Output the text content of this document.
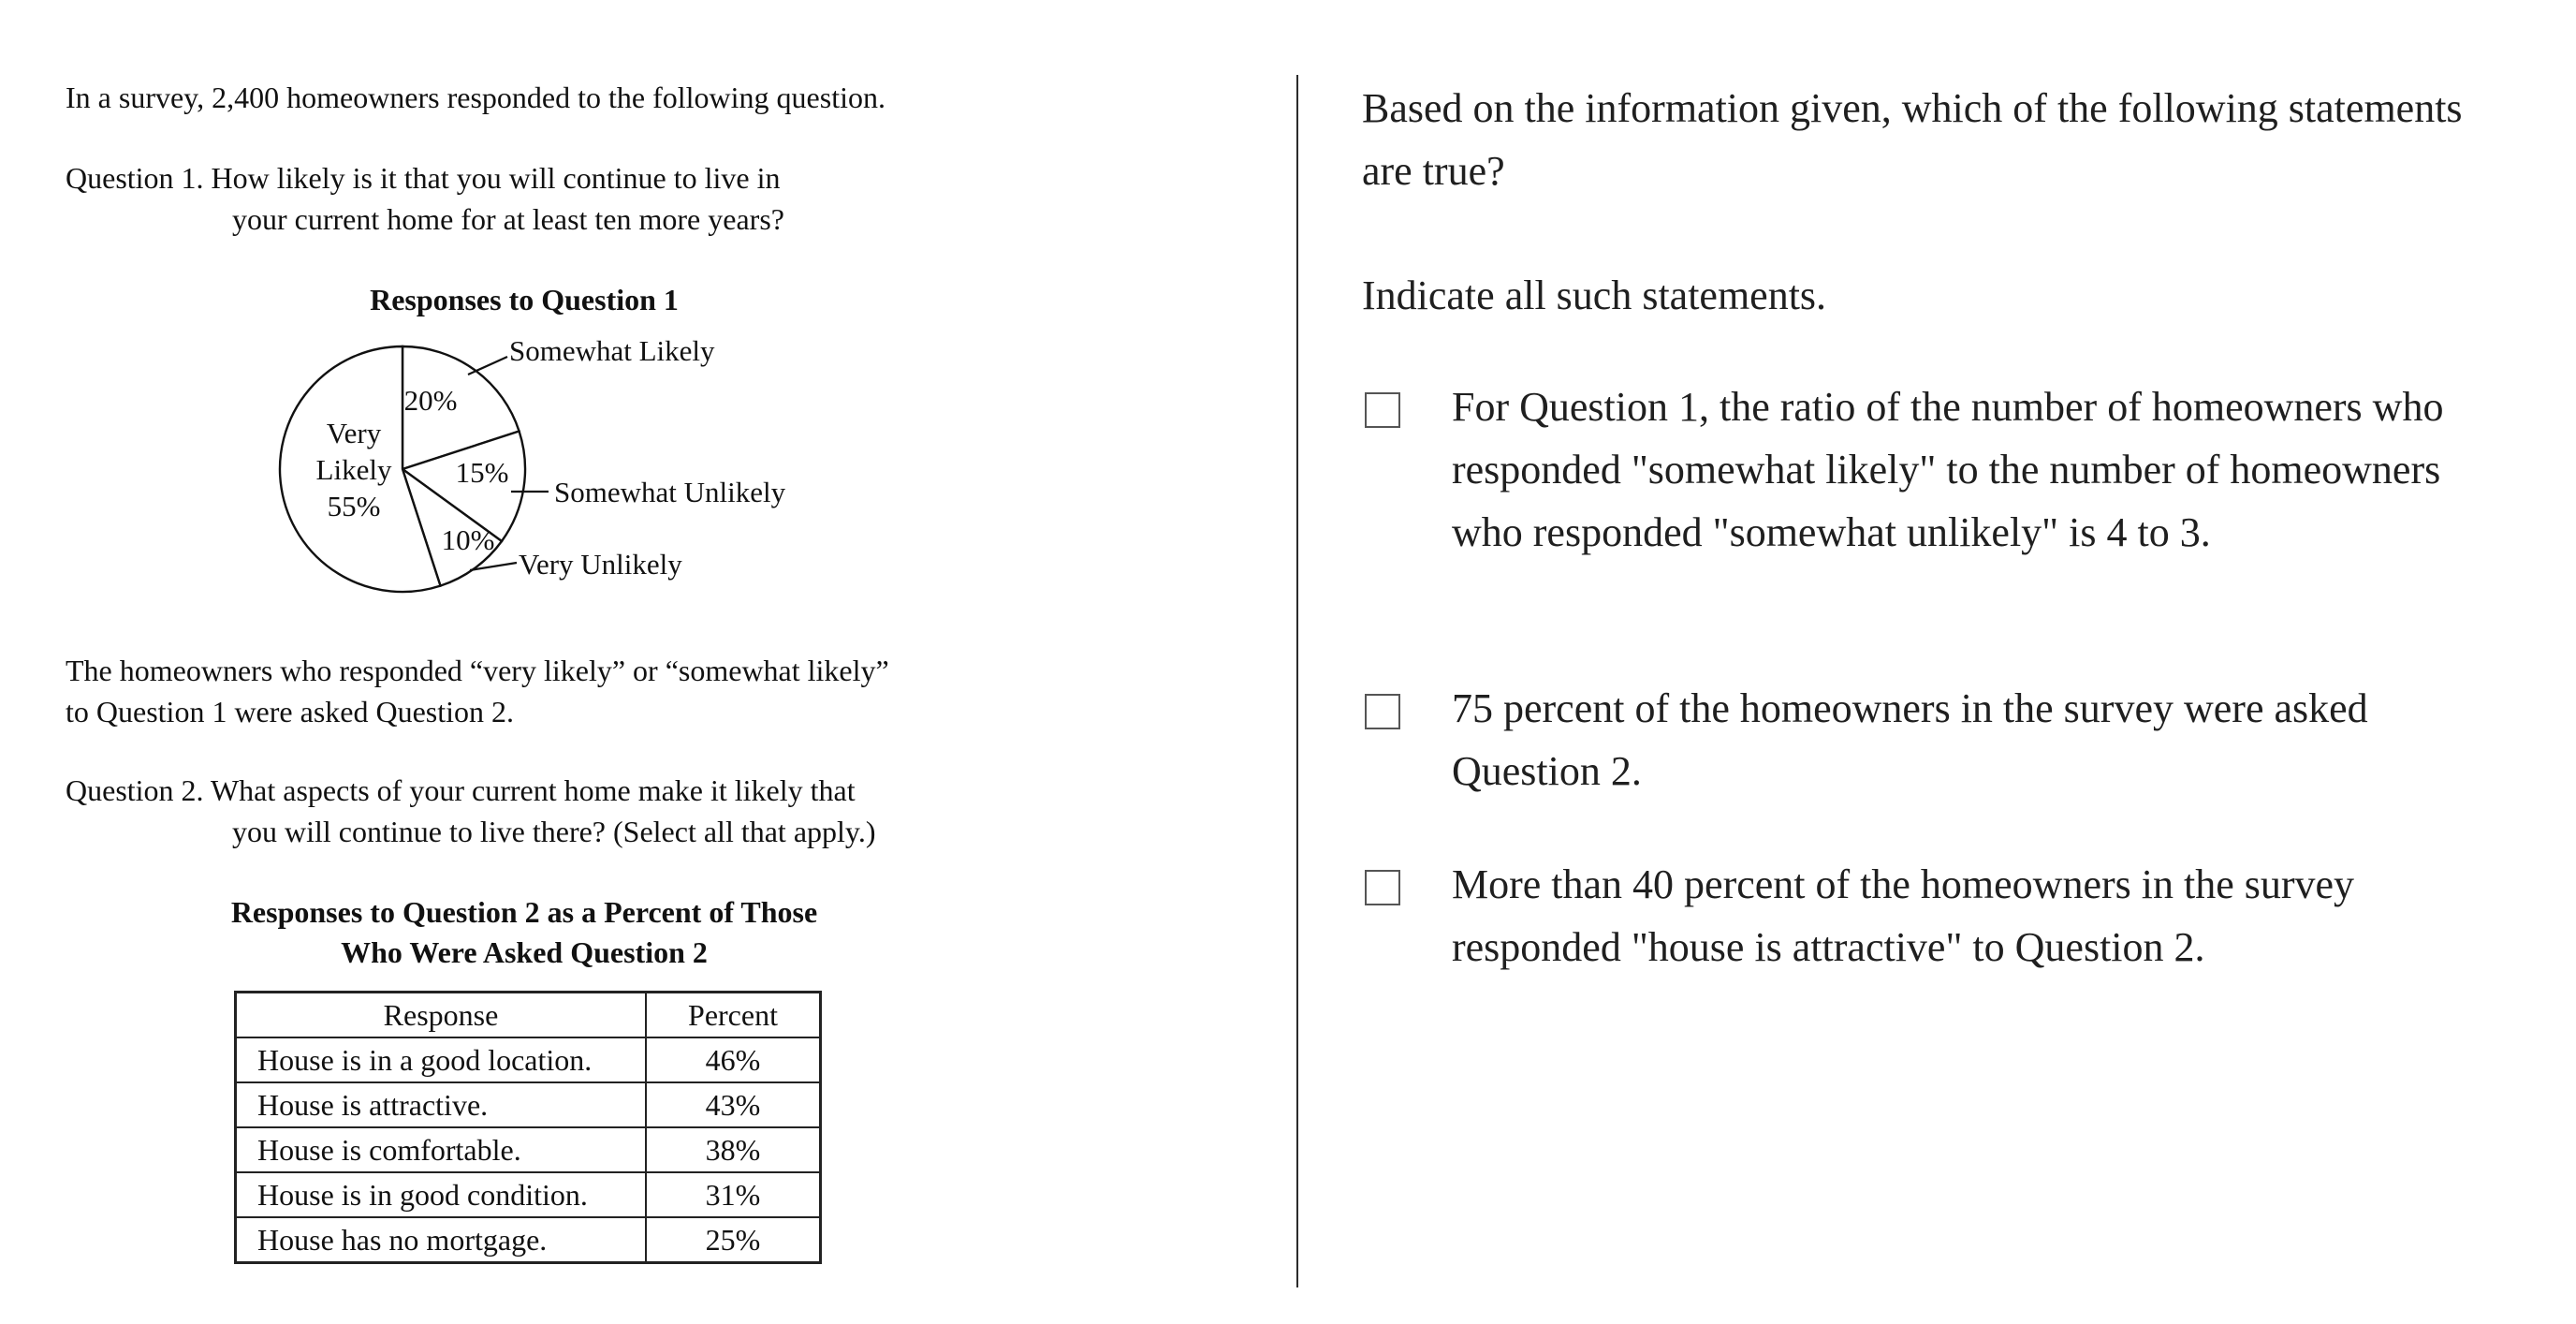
In a survey, 2,400 homeowners responded to the following question.
Question 1. How likely is it that you will continue to live in
your current home for at least ten more years?
Responses to Question 1
Very
Likely
55%
20%
15%
10%
Somewhat Likely
Somewhat Unlikely
Very Unlikely
The homeowners who responded “very likely” or “somewhat likely”
to Question 1 were asked Question 2.
Question 2. What aspects of your current home make it likely that
you will continue to live there? (Select all that apply.)
Responses to Question 2 as a Percent of Those
Who Were Asked Question 2
Response	Percent
House is in a good location.	46%
House is attractive.	43%
House is comfortable.	38%
House is in good condition.	31%
House has no mortgage.	25%
Based on the information given, which of the following statements
are true?
Indicate all such statements.
For Question 1, the ratio of the number of homeowners who responded "somewhat likely" to the number of homeowners who responded "somewhat unlikely" is 4 to 3.
75 percent of the homeowners in the survey were asked Question 2.
More than 40 percent of the homeowners in the survey responded "house is attractive" to Question 2.
